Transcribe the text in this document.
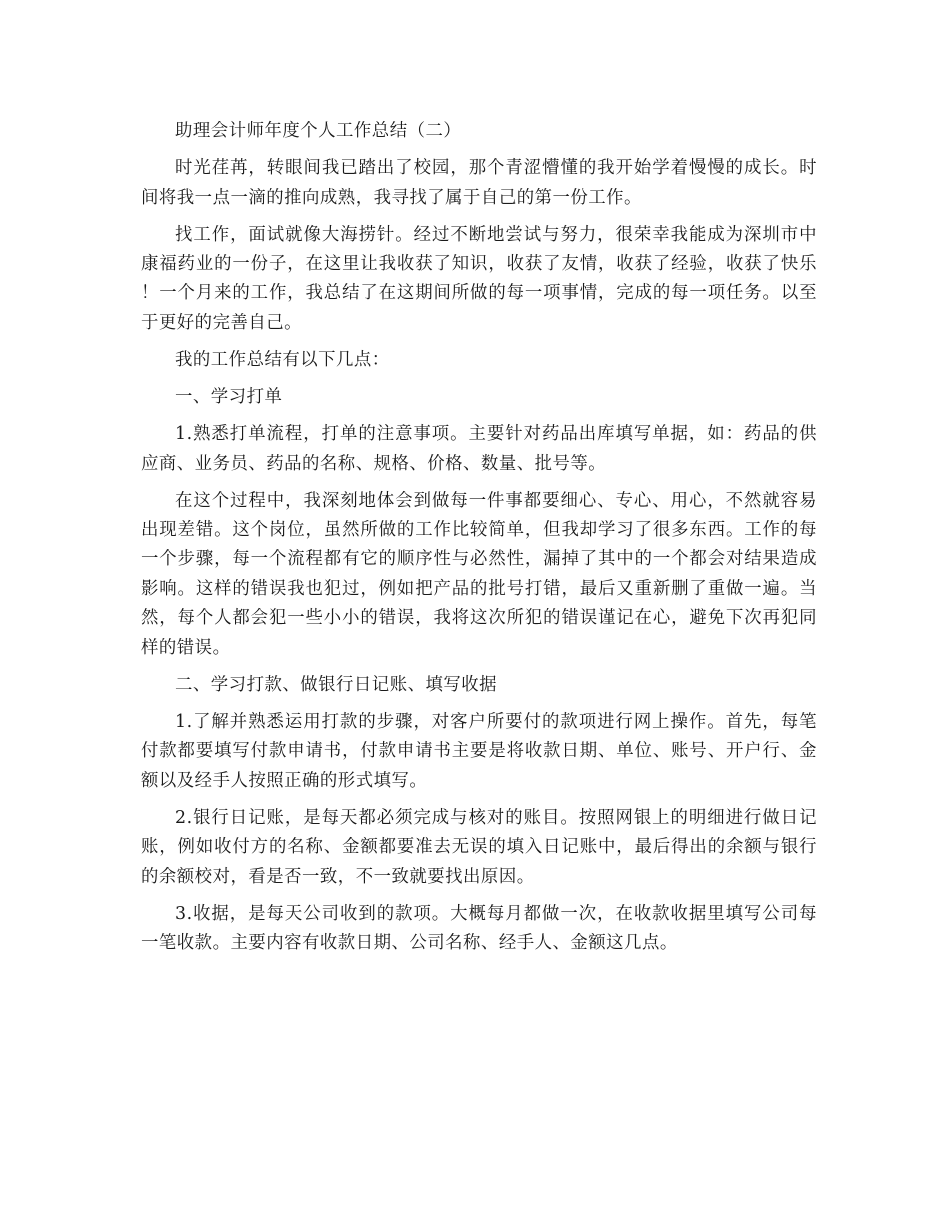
助理会计师年度个人工作总结（二）

时光荏苒，转眼间我已踏出了校园，那个青涩懵懂的我开始学着慢慢的成长。时间将我一点一滴的推向成熟，我寻找了属于自己的第一份工作。

找工作，面试就像大海捞针。经过不断地尝试与努力，很荣幸我能成为深圳市中康福药业的一份子，在这里让我收获了知识，收获了友情，收获了经验，收获了快乐！一个月来的工作，我总结了在这期间所做的每一项事情，完成的每一项任务。以至于更好的完善自己。

我的工作总结有以下几点：

一、学习打单

1.熟悉打单流程，打单的注意事项。主要针对药品出库填写单据，如：药品的供应商、业务员、药品的名称、规格、价格、数量、批号等。

在这个过程中，我深刻地体会到做每一件事都要细心、专心、用心，不然就容易出现差错。这个岗位，虽然所做的工作比较简单，但我却学习了很多东西。工作的每一个步骤，每一个流程都有它的顺序性与必然性，漏掉了其中的一个都会对结果造成影响。这样的错误我也犯过，例如把产品的批号打错，最后又重新删了重做一遍。当然，每个人都会犯一些小小的错误，我将这次所犯的错误谨记在心，避免下次再犯同样的错误。

二、学习打款、做银行日记账、填写收据

1.了解并熟悉运用打款的步骤，对客户所要付的款项进行网上操作。首先，每笔付款都要填写付款申请书，付款申请书主要是将收款日期、单位、账号、开户行、金额以及经手人按照正确的形式填写。

2.银行日记账，是每天都必须完成与核对的账目。按照网银上的明细进行做日记账，例如收付方的名称、金额都要准去无误的填入日记账中，最后得出的余额与银行的余额校对，看是否一致，不一致就要找出原因。

3.收据，是每天公司收到的款项。大概每月都做一次，在收款收据里填写公司每一笔收款。主要内容有收款日期、公司名称、经手人、金额这几点。
